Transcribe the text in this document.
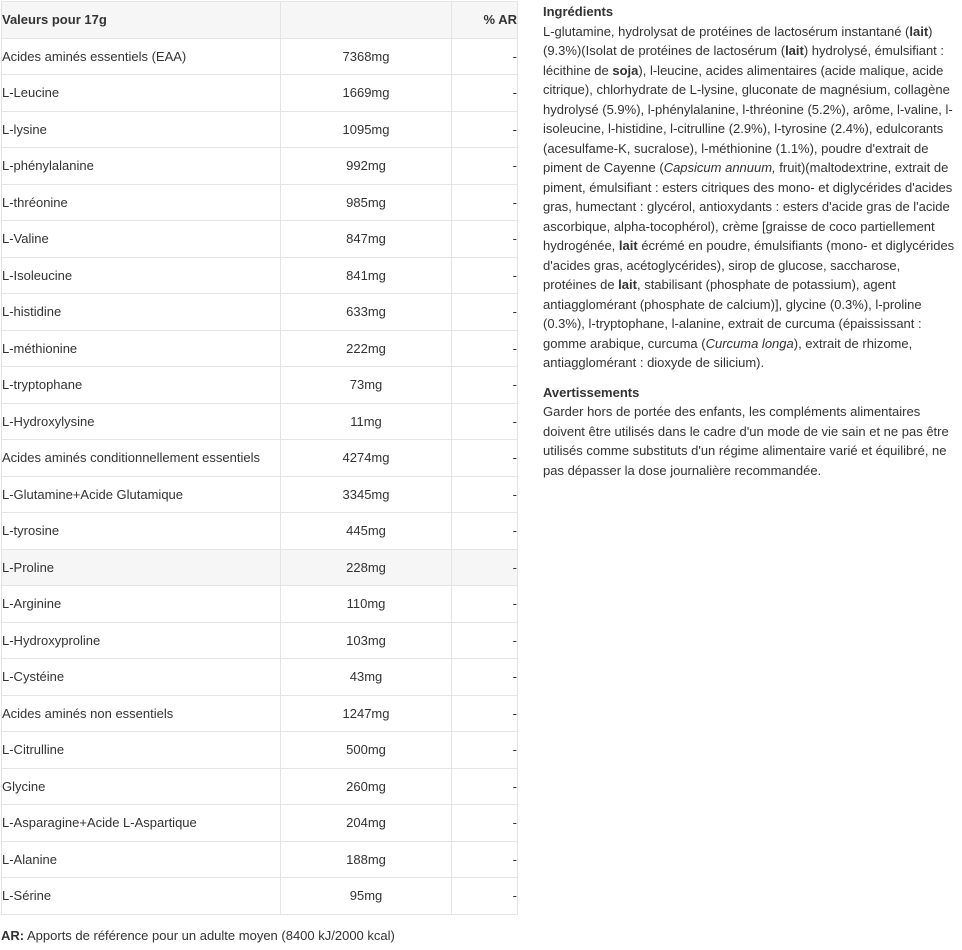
Valeurs pour 17g		% AR
Acides aminés essentiels (EAA)	7368mg	-
L-Leucine	1669mg	-
L-lysine	1095mg	-
L-phénylalanine	992mg	-
L-thréonine	985mg	-
L-Valine	847mg	-
L-Isoleucine	841mg	-
L-histidine	633mg	-
L-méthionine	222mg	-
L-tryptophane	73mg	-
L-Hydroxylysine	11mg	-
Acides aminés conditionnellement essentiels	4274mg	-
L-Glutamine+Acide Glutamique	3345mg	-
L-tyrosine	445mg	-
L-Proline	228mg	-
L-Arginine	110mg	-
L-Hydroxyproline	103mg	-
L-Cystéine	43mg	-
Acides aminés non essentiels	1247mg	-
L-Citrulline	500mg	-
Glycine	260mg	-
L-Asparagine+Acide L-Aspartique	204mg	-
L-Alanine	188mg	-
L-Sérine	95mg	-
AR: Apports de référence pour un adulte moyen (8400 kJ/2000 kcal)
Ingrédients

L-glutamine, hydrolysat de protéines de lactosérum instantané (lait) (9.3%)(Isolat de protéines de lactosérum (lait) hydrolysé, émulsifiant : lécithine de soja), l-leucine, acides alimentaires (acide malique, acide citrique), chlorhydrate de L-lysine, gluconate de magnésium, collagène hydrolysé (5.9%), l-phénylalanine, l-thréonine (5.2%), arôme, l-valine, l-isoleucine, l-histidine, l-citrulline (2.9%), l-tyrosine (2.4%), edulcorants (acesulfame-K, sucralose), l-méthionine (1.1%), poudre d'extrait de piment de Cayenne (Capsicum annuum, fruit)(maltodextrine, extrait de piment, émulsifiant : esters citriques des mono- et diglycérides d'acides gras, humectant : glycérol, antioxydants : esters d'acide gras de l'acide ascorbique, alpha-tocophérol), crème [graisse de coco partiellement hydrogénée, lait écrémé en poudre, émulsifiants (mono- et diglycérides d'acides gras, acétoglycérides), sirop de glucose, saccharose, protéines de lait, stabilisant (phosphate de potassium), agent antiagglomérant (phosphate de calcium)], glycine (0.3%), l-proline (0.3%), l-tryptophane, l-alanine, extrait de curcuma (épaississant : gomme arabique, curcuma (Curcuma longa), extrait de rhizome, antiagglomérant : dioxyde de silicium).

Avertissements

Garder hors de portée des enfants, les compléments alimentaires doivent être utilisés dans le cadre d'un mode de vie sain et ne pas être utilisés comme substituts d'un régime alimentaire varié et équilibré, ne pas dépasser la dose journalière recommandée.
